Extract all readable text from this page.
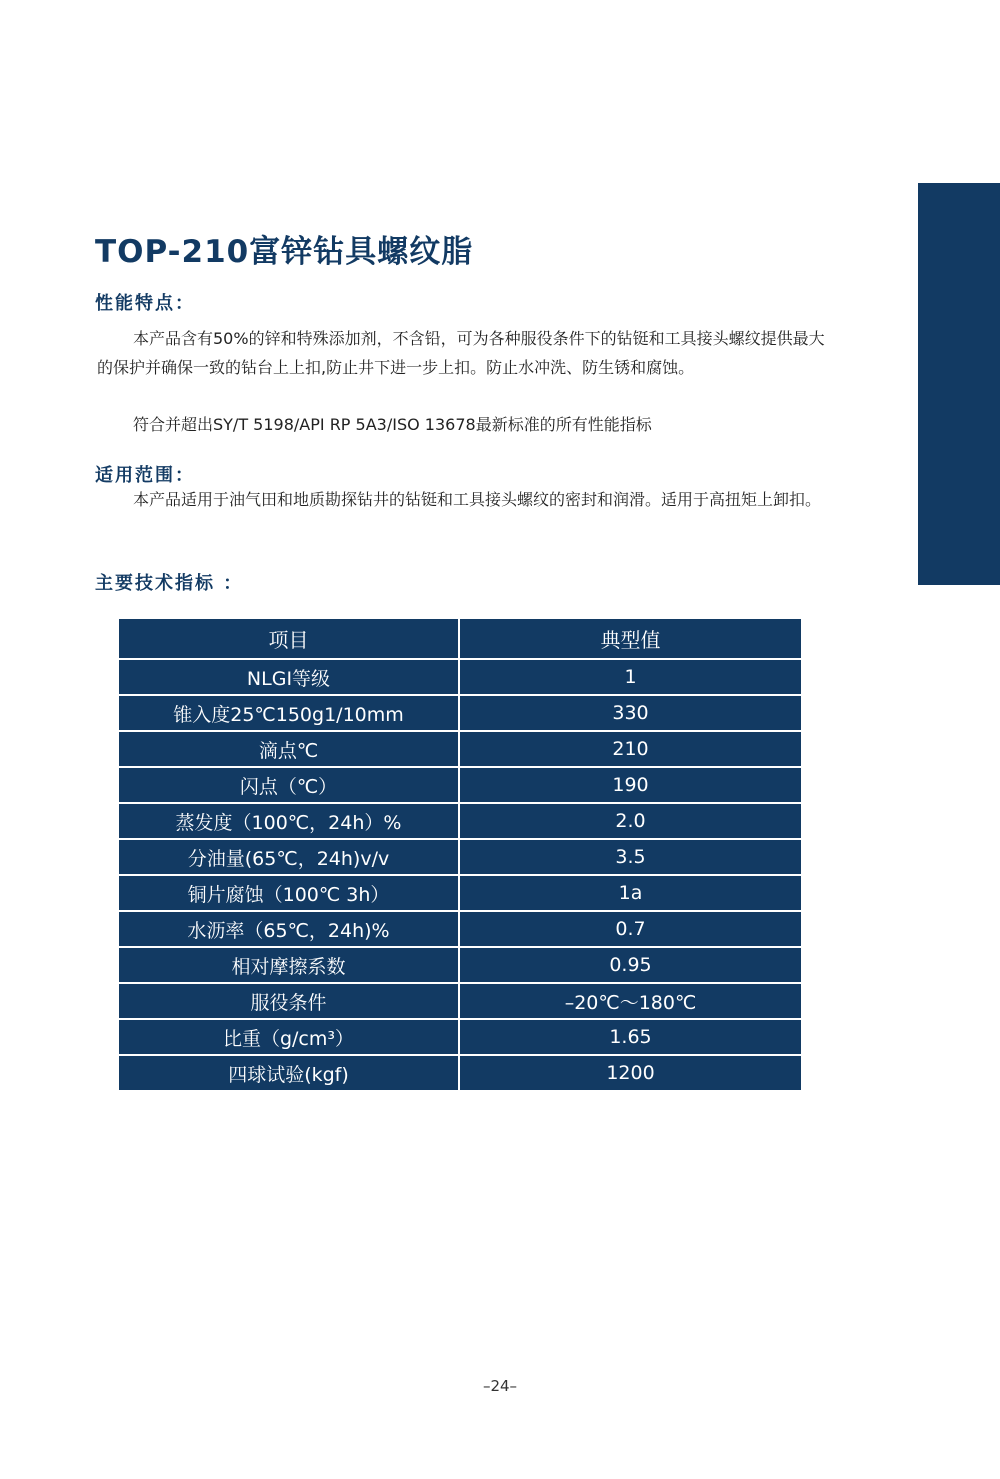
TOP-210富锌钻具螺纹脂
性能特点：

本产品含有50%的锌和特殊添加剂，不含铅，可为各种服役条件下的钻铤和工具接头螺纹提供最大的保护并确保一致的钻台上上扣,防止井下进一步上扣。防止水冲洗、防生锈和腐蚀。

符合并超出SY/T 5198/API RP 5A3/ISO 13678最新标准的所有性能指标

适用范围：

本产品适用于油气田和地质勘探钻井的钻铤和工具接头螺纹的密封和润滑。适用于高扭矩上卸扣。

主要技术指标 ：
项目	典型值
NLGI等级	1
锥入度25℃150g1/10mm	330
滴点℃	210
闪点（℃）	190
蒸发度（100℃，24h）%	2.0
分油量(65℃，24h)v/v	3.5
铜片腐蚀（100℃ 3h）	1a
水沥率（65℃，24h)%	0.7
相对摩擦系数	0.95
服役条件	–20℃～180℃
比重（g/cm³）	1.65
四球试验(kgf)	1200
–24–
